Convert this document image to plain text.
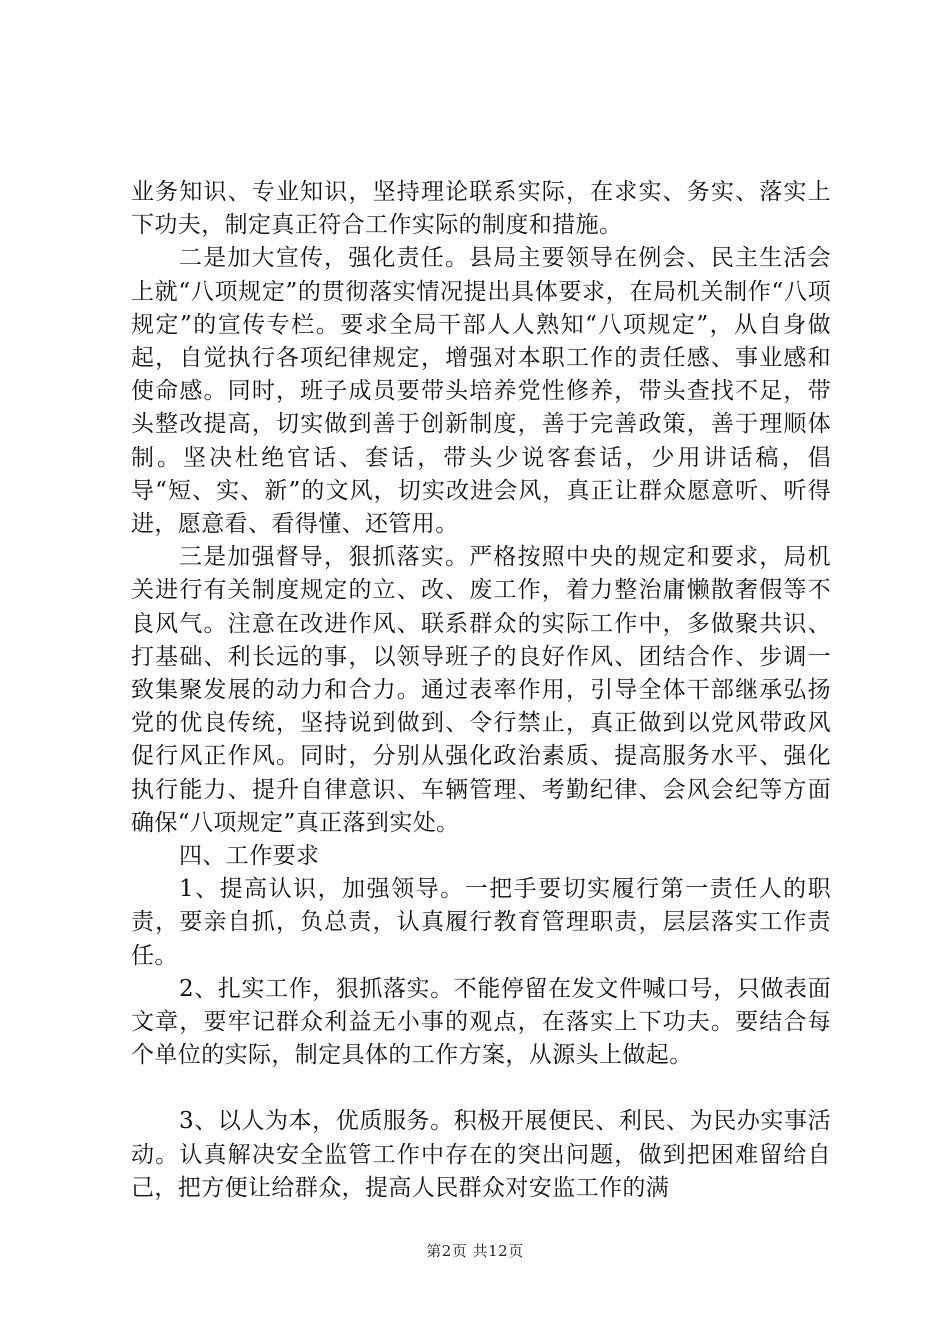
业务知识、专业知识，坚持理论联系实际，在求实、务实、落实上下功夫，制定真正符合工作实际的制度和措施。

二是加大宣传，强化责任。县局主要领导在例会、民主生活会上就“八项规定”的贯彻落实情况提出具体要求，在局机关制作“八项规定”的宣传专栏。要求全局干部人人熟知“八项规定”，从自身做起，自觉执行各项纪律规定，增强对本职工作的责任感、事业感和使命感。同时，班子成员要带头培养党性修养，带头查找不足，带头整改提高，切实做到善于创新制度，善于完善政策，善于理顺体制。坚决杜绝官话、套话，带头少说客套话，少用讲话稿，倡导“短、实、新”的文风，切实改进会风，真正让群众愿意听、听得进，愿意看、看得懂、还管用。

三是加强督导，狠抓落实。严格按照中央的规定和要求，局机关进行有关制度规定的立、改、废工作，着力整治庸懒散奢假等不良风气。注意在改进作风、联系群众的实际工作中，多做聚共识、打基础、利长远的事，以领导班子的良好作风、团结合作、步调一致集聚发展的动力和合力。通过表率作用，引导全体干部继承弘扬党的优良传统，坚持说到做到、令行禁止，真正做到以党风带政风促行风正作风。同时，分别从强化政治素质、提高服务水平、强化执行能力、提升自律意识、车辆管理、考勤纪律、会风会纪等方面确保“八项规定”真正落到实处。

四、工作要求

1、提高认识，加强领导。一把手要切实履行第一责任人的职责，要亲自抓，负总责，认真履行教育管理职责，层层落实工作责任。

2、扎实工作，狠抓落实。不能停留在发文件喊口号，只做表面文章，要牢记群众利益无小事的观点，在落实上下功夫。要结合每个单位的实际，制定具体的工作方案，从源头上做起。

3、以人为本，优质服务。积极开展便民、利民、为民办实事活动。认真解决安全监管工作中存在的突出问题，做到把困难留给自己，把方便让给群众，提高人民群众对安监工作的满

第2页 共12页
